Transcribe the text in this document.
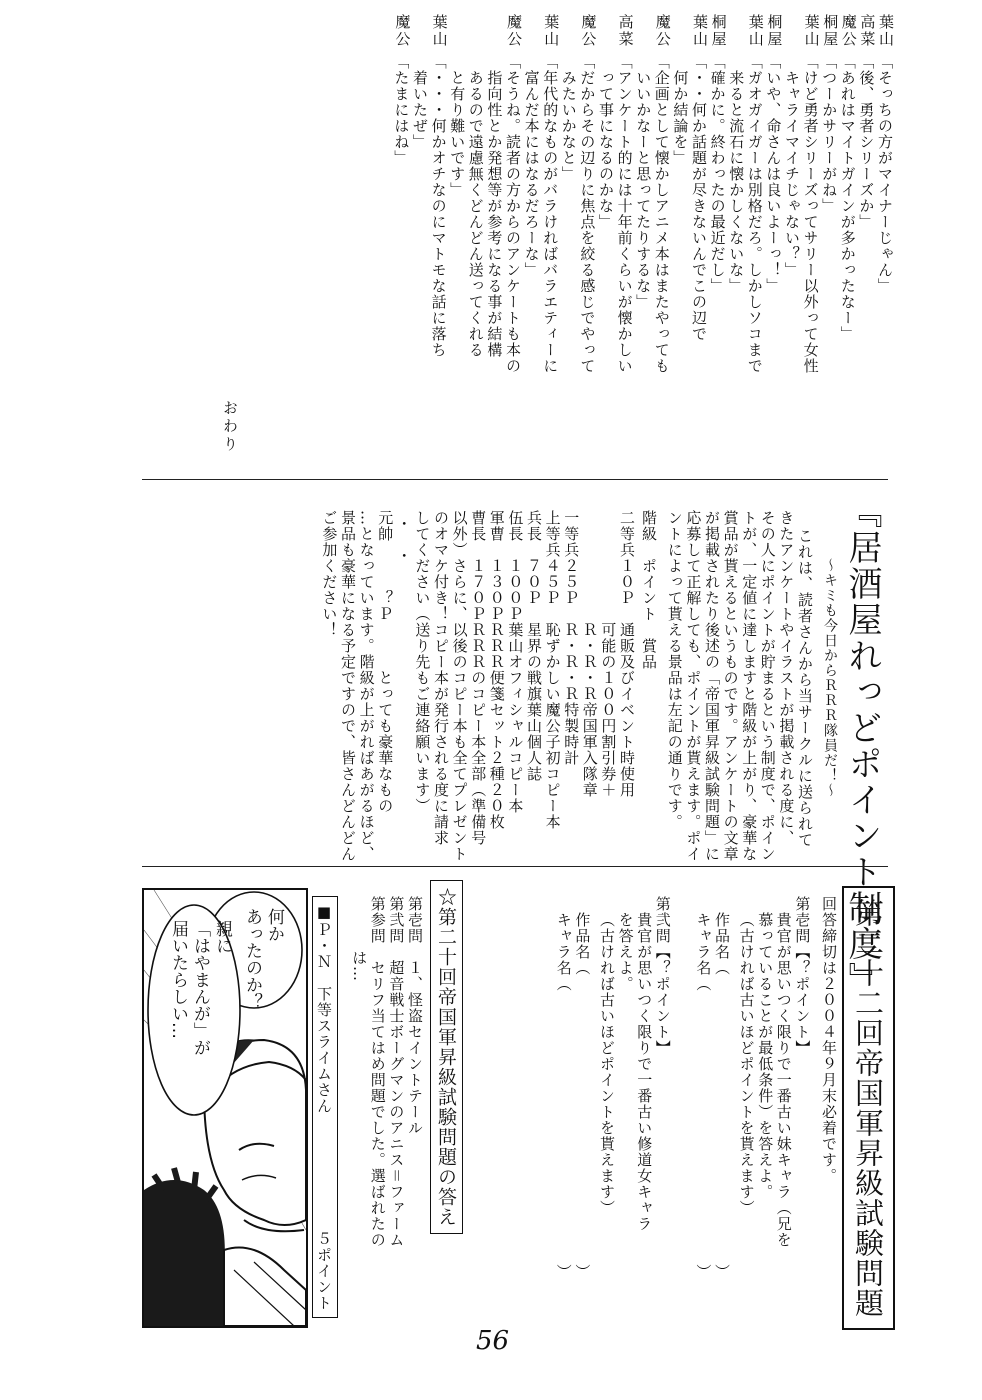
葉山
「そっちの方がマイナーじゃん」
高菜
「後、勇者シリーズか」
魔公
「あれはマイトガインが多かったなー」
桐屋
「つーかサリーがね」
葉山
「けど勇者シリーズってサリー以外って女性
キャライマイチじゃない？」
桐屋
「いや、命さんは良いよーっ！」
葉山
「ガオガイガーは別格だろ。しかしソコまで
来ると流石に懐かしくないな」
桐屋
「確かに。終わったの最近だし」
葉山
「・・何か話題が尽きないんでこの辺で
何か結論を」
魔公
「企画として懐かしアニメ本はまたやっても
いいかなーと思ってたりするな」
高菜
「アンケート的には十年前くらいが懐かしい
って事になるのかな」
魔公
「だからその辺りに焦点を絞る感じでやって
みたいかなと」
葉山
「年代的なものがバラければバラエティーに
富んだ本にはなるだろーな」
魔公
「そうね。読者の方からのアンケートも本の
指向性とか発想等が参考になる事が結構
あるので遠慮無くどんどん送ってくれる
と有り難いです」
葉山
「・・・何かオチなのにマトモな話に落ち
着いたぜ」
魔公
「たまにはね」
おわり
『居酒屋れっどポイント制度』
〜キミも今日からＲＲＲ隊員だ！〜
これは、読者さんから当サークルに送られて
きたアンケートやイラストが掲載される度に、
その人にポイントが貯まるという制度で、ポイン
トが、一定値に達しますと階級が上がり、豪華な
賞品が貰えるというものです。アンケートの文章
が掲載されたり後述の「帝国軍昇級試験問題」に
応募して正解しても、ポイントが貰えます。ポイ
ントによって貰える景品は左記の通りです。
階級　ポイント　賞品
二等兵
１０Ｐ
通販及びイベント時使用
可能の１００円割引券＋
Ｒ・Ｒ・Ｒ帝国軍入隊章
一等兵
２５Ｐ
Ｒ・Ｒ・Ｒ特製時計
上等兵
４５Ｐ
恥ずかしい魔公子初コピー本
兵長
７０Ｐ
星界の戦旗葉山個人誌
伍長
１００Ｐ
葉山オフィシャルコピー本
軍曹
１３０Ｐ
ＲＲＲ便箋セット２種２０枚
曹長
１７０Ｐ
ＲＲＲのコピー本全部（準備号
以外）さらに、以後のコピー本も全てプレゼント
のオマケ付き！コピー本が発行される度に請求
してください（送り先もご連絡願います）
・　・
元帥
？Ｐ
とっても豪華なもの
…となっています。階級が上がればあがるほど、
景品も豪華になる予定ですので、皆さんどんどん
ご参加ください！
第二十二回帝国軍昇級試験問題
回答締切は２００４年９月末必着です。
第壱問【？ポイント】
貴官が思いつく限りで一番古い妹キャラ（兄を
慕っていることが最低条件）を答えよ。
（古ければ古いほどポイントを貰えます）
作品名（　　　　　　　　　　　　　　　　　　）
キャラ名（　　　　　　　　　　　　　　　　　）
第弐問【？ポイント】
貴官が思いつく限りで一番古い修道女キャラ
を答えよ。
（古ければ古いほどポイントを貰えます）
作品名（　　　　　　　　　　　　　　　　　　）
キャラ名（　　　　　　　　　　　　　　　　　）
☆第二十回帝国軍昇級試験問題の答え
第壱問　１、怪盗セイントテール
第弐問　超音戦士ボーグマンのアニス＝ファーム
第参問　セリフ当てはめ問題でした。選ばれたの
は…
■Ｐ・Ｎ　下等スライムさん
５ポイント
何か
あったのか？
親に
「はやまんが」が
届いたらしい…
56
